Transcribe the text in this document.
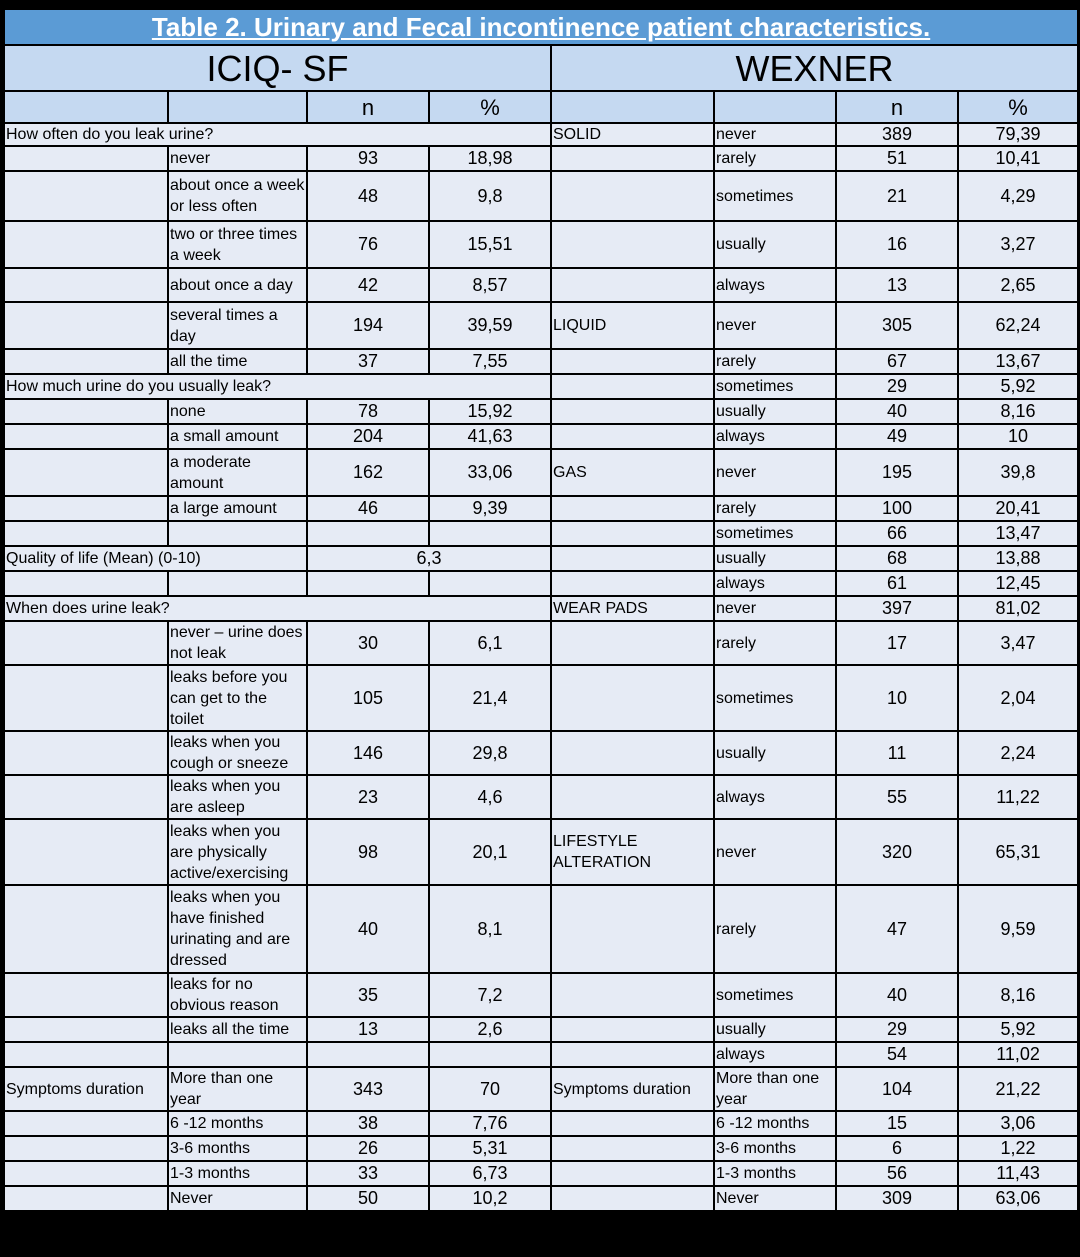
Table 2. Urinary and Fecal incontinence patient characteristics.							
ICIQ- SF				WEXNER			
		n	%			n	%
How often do you leak urine?				SOLID	never	389	79,39
	never	93	18,98		rarely	51	10,41
	about once a week or less often	48	9,8		sometimes	21	4,29
	two or three times a week	76	15,51		usually	16	3,27
	about once a day	42	8,57		always	13	2,65
	several times a day	194	39,59	LIQUID	never	305	62,24
	all the time	37	7,55		rarely	67	13,67
How much urine do you usually leak?					sometimes	29	5,92
	none	78	15,92		usually	40	8,16
	a small amount	204	41,63		always	49	10
	a moderate amount	162	33,06	GAS	never	195	39,8
	a large amount	46	9,39		rarely	100	20,41
					sometimes	66	13,47
Quality of life (Mean) (0-10)		6,3			usually	68	13,88
					always	61	12,45
When does urine leak?				WEAR PADS	never	397	81,02
	never – urine does not leak	30	6,1		rarely	17	3,47
	leaks before you can get to the toilet	105	21,4		sometimes	10	2,04
	leaks when you cough or sneeze	146	29,8		usually	11	2,24
	leaks when you are asleep	23	4,6		always	55	11,22
	leaks when you are physically active/exercising	98	20,1	LIFESTYLE ALTERATION	never	320	65,31
	leaks when you have finished urinating and are dressed	40	8,1		rarely	47	9,59
	leaks for no obvious reason	35	7,2		sometimes	40	8,16
	leaks all the time	13	2,6		usually	29	5,92
					always	54	11,02
Symptoms duration	More than one year	343	70	Symptoms duration	More than one year	104	21,22
	6 -12 months	38	7,76		6 -12 months	15	3,06
	3-6 months	26	5,31		3-6 months	6	1,22
	1-3 months	33	6,73		1-3 months	56	11,43
	Never	50	10,2		Never	309	63,06
